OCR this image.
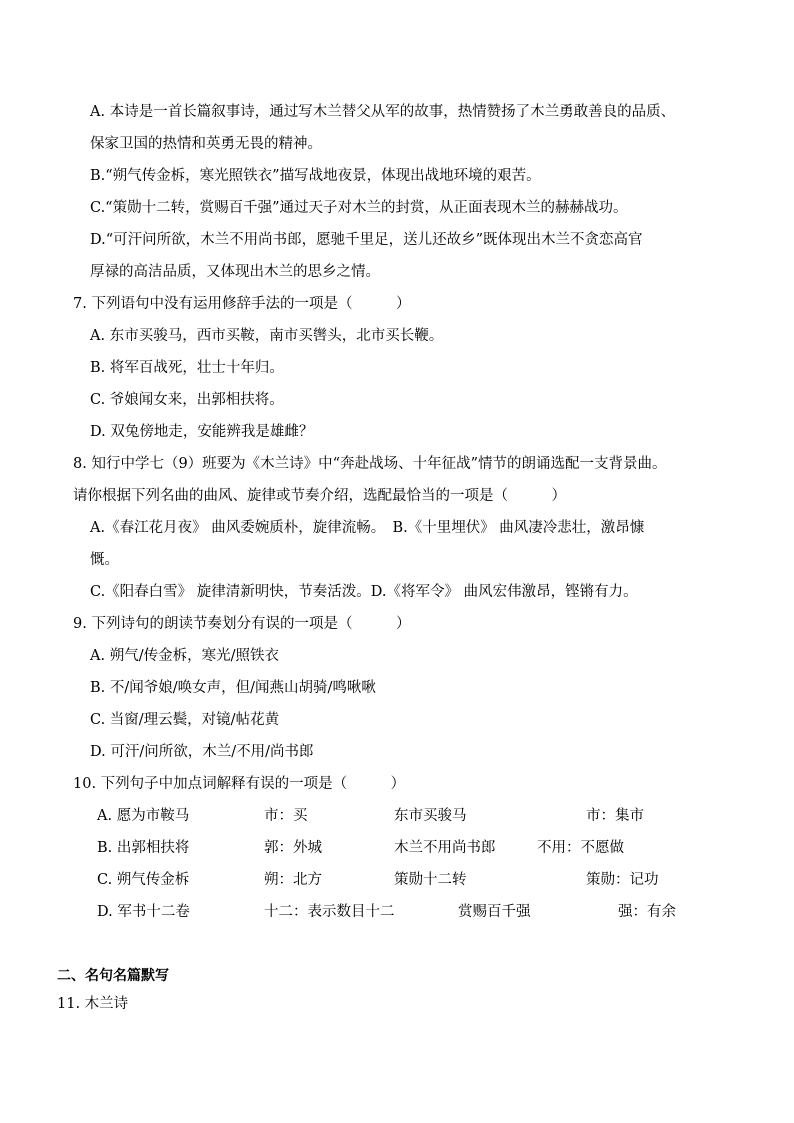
A. 本诗是一首长篇叙事诗，通过写木兰替父从军的故事，热情赞扬了木兰勇敢善良的品质、
保家卫国的热情和英勇无畏的精神。
B.“朔气传金柝，寒光照铁衣”描写战地夜景，体现出战地环境的艰苦。
C.“策勋十二转，赏赐百千强”通过天子对木兰的封赏，从正面表现木兰的赫赫战功。
D.“可汗问所欲，木兰不用尚书郎，愿驰千里足，送儿还故乡”既体现出木兰不贪恋高官
厚禄的高洁品质，又体现出木兰的思乡之情。
7. 下列语句中没有运用修辞手法的一项是（　　　）
A. 东市买骏马，西市买鞍，南市买辔头，北市买长鞭。
B. 将军百战死，壮士十年归。
C. 爷娘闻女来，出郭相扶将。
D. 双兔傍地走，安能辨我是雄雌？
8. 知行中学七（9）班要为《木兰诗》中“奔赴战场、十年征战”情节的朗诵选配一支背景曲。
请你根据下列名曲的曲风、旋律或节奏介绍，选配最恰当的一项是（　　　）
A.《春江花月夜》 曲风委婉质朴，旋律流畅。　B.《十里埋伏》 曲风凄冷悲壮，激昂慷
慨。
C.《阳春白雪》 旋律清新明快，节奏活泼。D.《将军令》 曲风宏伟激昂，铿锵有力。
9. 下列诗句的朗读节奏划分有误的一项是（　　　）
A. 朔气/传金柝，寒光/照铁衣
B. 不/闻爷娘/唤女声，但/闻燕山胡骑/鸣啾啾
C. 当窗/理云鬓，对镜/帖花黄
D. 可汗/问所欲，木兰/不用/尚书郎
10. 下列句子中加点词解释有误的一项是（　　　）
A. 愿为市鞍马	市：买	东市买骏马	市：集市
B. 出郭相扶将	郭：外城	木兰不用尚书郎	不用：不愿做
C. 朔气传金柝	朔：北方	策勋十二转	策勋：记功
D. 军书十二卷	十二：表示数目十二	赏赐百千强	强：有余
二、名句名篇默写
11. 木兰诗
